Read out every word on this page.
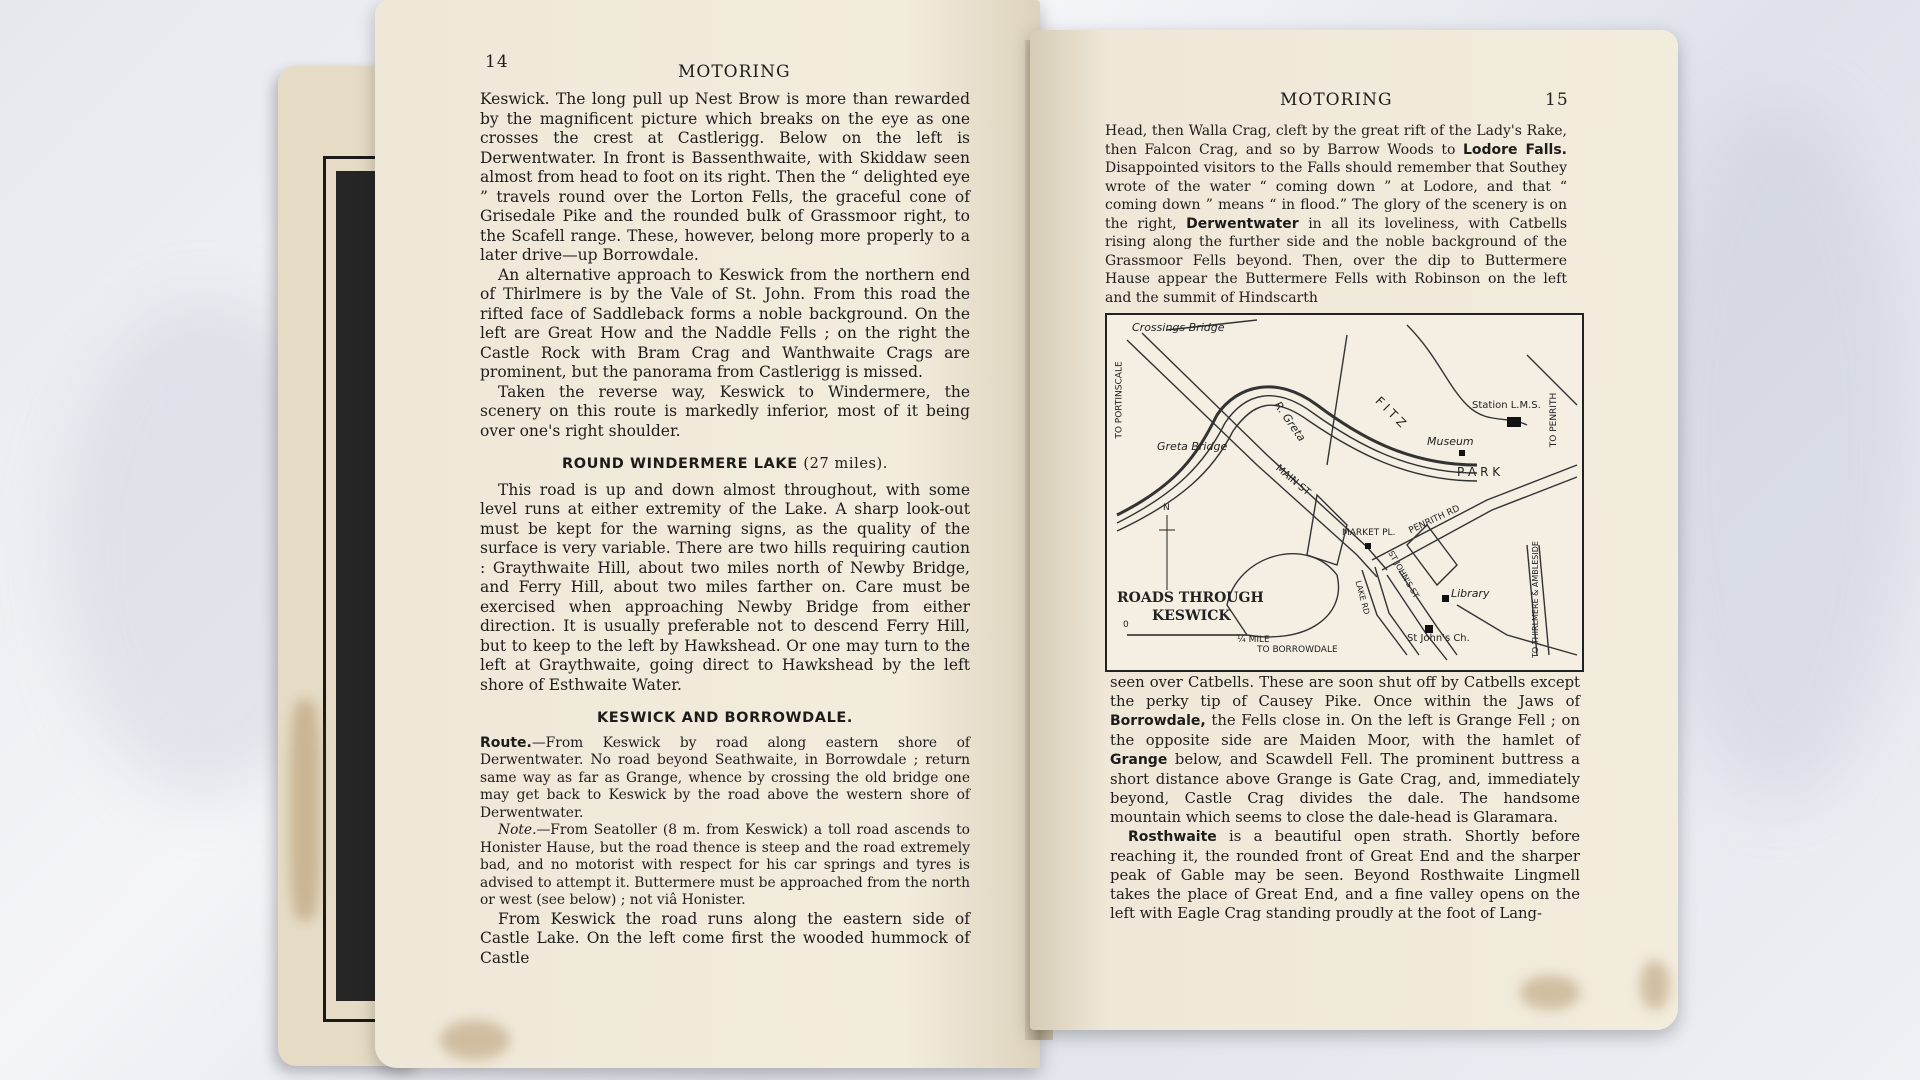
14	MOTORING

Keswick. The long pull up Nest Brow is more than rewarded by the magnificent picture which breaks on the eye as one crosses the crest at Castlerigg. Below on the left is Derwentwater. In front is Bassenthwaite, with Skiddaw seen almost from head to foot on its right. Then the “ delighted eye ” travels round over the Lorton Fells, the graceful cone of Grisedale Pike and the rounded bulk of Grassmoor right, to the Scafell range. These, however, belong more properly to a later drive—up Borrowdale.

An alternative approach to Keswick from the northern end of Thirlmere is by the Vale of St. John. From this road the rifted face of Saddleback forms a noble background. On the left are Great How and the Naddle Fells ; on the right the Castle Rock with Bram Crag and Wanthwaite Crags are prominent, but the panorama from Castlerigg is missed.

Taken the reverse way, Keswick to Windermere, the scenery on this route is markedly inferior, most of it being over one's right shoulder.

ROUND WINDERMERE LAKE (27 miles).

This road is up and down almost throughout, with some level runs at either extremity of the Lake. A sharp look-out must be kept for the warning signs, as the quality of the surface is very variable. There are two hills requiring caution : Graythwaite Hill, about two miles north of Newby Bridge, and Ferry Hill, about two miles farther on. Care must be exercised when approaching Newby Bridge from either direction. It is usually preferable not to descend Ferry Hill, but to keep to the left by Hawkshead. Or one may turn to the left at Graythwaite, going direct to Hawkshead by the left shore of Esthwaite Water.

KESWICK AND BORROWDALE.

Route.—From Keswick by road along eastern shore of Derwentwater. No road beyond Seathwaite, in Borrowdale ; return same way as far as Grange, whence by crossing the old bridge one may get back to Keswick by the road above the western shore of Derwentwater.

Note.—From Seatoller (8 m. from Keswick) a toll road ascends to Honister Hause, but the road thence is steep and the road extremely bad, and no motorist with respect for his car springs and tyres is advised to attempt it. Buttermere must be approached from the north or west (see below) ; not viâ Honister.

From Keswick the road runs along the eastern side of Castle Lake. On the left come first the wooded hummock of Castle

MOTORING	15

Head, then Walla Crag, cleft by the great rift of the Lady's Rake, then Falcon Crag, and so by Barrow Woods to Lodore Falls. Disappointed visitors to the Falls should remember that Southey wrote of the water “ coming down ” at Lodore, and that “ coming down ” means “ in flood.” The glory of the scenery is on the right, Derwentwater in all its loveliness, with Catbells rising along the further side and the noble background of the Grassmoor Fells beyond. Then, over the dip to Buttermere Hause appear the Buttermere Fells with Robinson on the left and the summit of Hindscarth

Crossings Bridge
TO PORTINSCALE	R. Greta	F I T Z
P A R K
Station L.M.S. TO PENRITH
Museum
Greta Bridge
MAIN ST
PENRITH RD
MARKET PL.
ST JOHN'S ST
LAKE RD	Library
St John's Ch.
TO BORROWDALE	TO THIRLMERE & AMBLESIDE
N
ROADS THROUGH
KESWICK
0
¼ MILE

seen over Catbells. These are soon shut off by Catbells except the perky tip of Causey Pike. Once within the Jaws of Borrowdale, the Fells close in. On the left is Grange Fell ; on the opposite side are Maiden Moor, with the hamlet of Grange below, and Scawdell Fell. The prominent buttress a short distance above Grange is Gate Crag, and, immediately beyond, Castle Crag divides the dale. The handsome mountain which seems to close the dale-head is Glaramara.

Rosthwaite is a beautiful open strath. Shortly before reaching it, the rounded front of Great End and the sharper peak of Gable may be seen. Beyond Rosthwaite Lingmell takes the place of Great End, and a fine valley opens on the left with Eagle Crag standing proudly at the foot of Lang-
